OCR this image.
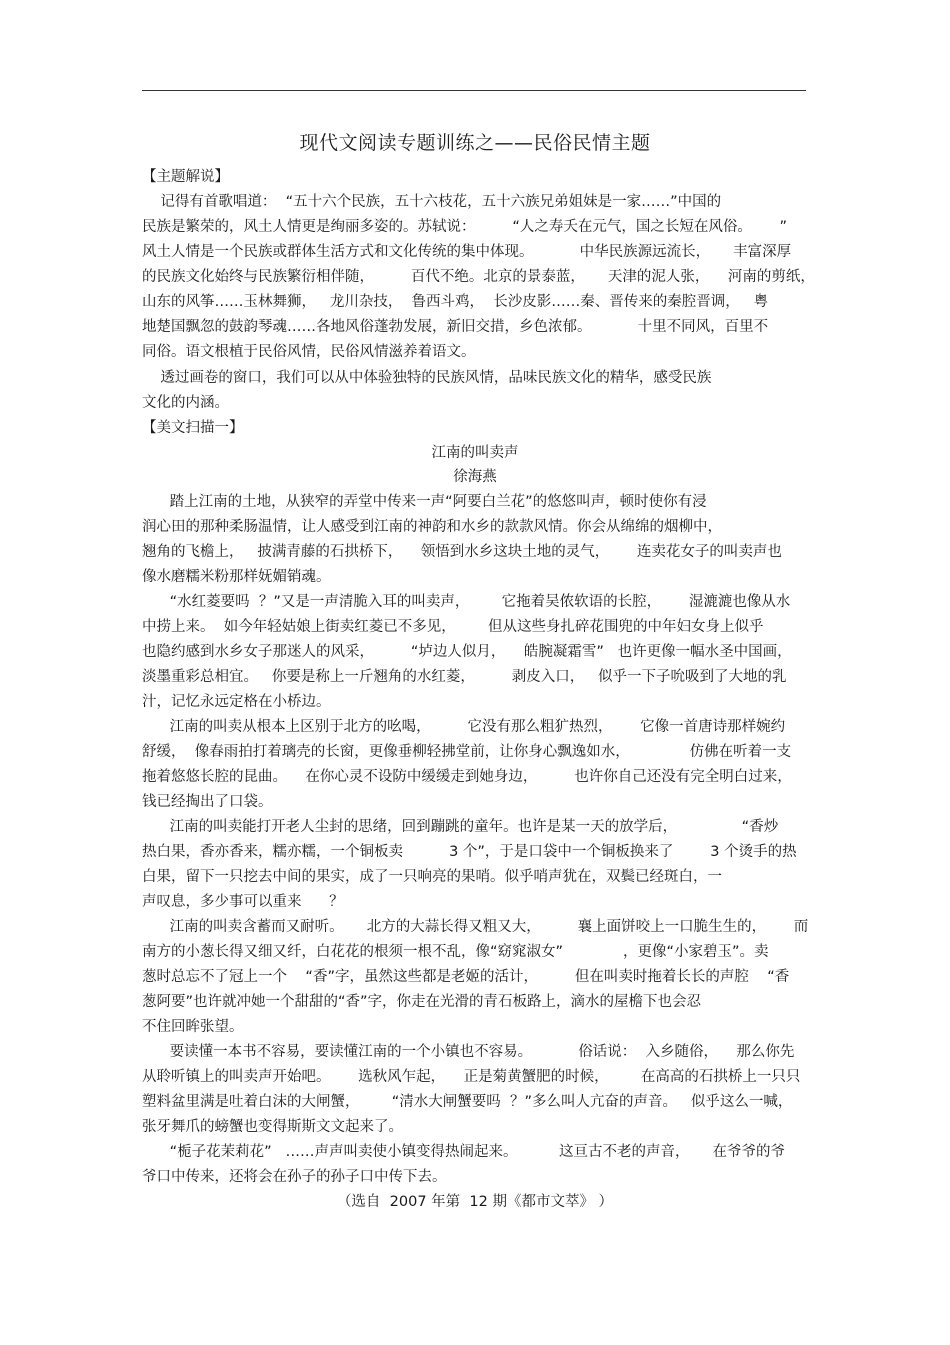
现代文阅读专题训练之——民俗民情主题
【主题解说】
记得有首歌唱道：  “五十六个民族，五十六枝花，五十六族兄弟姐妹是一家……”中国的
民族是繁荣的，风土人情更是绚丽多姿的。苏轼说：        “人之寿夭在元气，国之长短在风俗。      ”
风土人情是一个民族或群体生活方式和文化传统的集中体现。          中华民族源远流长，     丰富深厚
的民族文化始终与民族繁衍相伴随，        百代不绝。北京的景泰蓝，     天津的泥人张，    河南的剪纸，
山东的风筝……玉林舞狮，   龙川杂技，  鲁西斗鸡，  长沙皮影……秦、晋传来的秦腔晋调，   粤
地楚国飘忽的鼓韵琴魂……各地风俗蓬勃发展，新旧交措，乡色浓郁。          十里不同风，百里不
同俗。语文根植于民俗风情，民俗风情滋养着语文。
透过画卷的窗口，我们可以从中体验独特的民族风情，品味民族文化的精华，感受民族
文化的内涵。
【美文扫描一】
江南的叫卖声
徐海燕
踏上江南的土地，从狭窄的弄堂中传来一声“阿要白兰花”的悠悠叫声，顿时使你有浸
润心田的那种柔肠温情，让人感受到江南的神韵和水乡的款款风情。你会从绵绵的烟柳中，
翘角的飞檐上，   披满青藤的石拱桥下，    领悟到水乡这块土地的灵气，      连卖花女子的叫卖声也
像水磨糯米粉那样妩媚销魂。
“水红菱要吗  ？”又是一声清脆入耳的叫卖声，       它拖着吴侬软语的长腔，      湿漉漉也像从水
中捞上来。  如今年轻姑娘上街卖红菱已不多见，       但从这些身扎碎花围兜的中年妇女身上似乎
也隐约感到水乡女子那迷人的风采，        “垆边人似月，    皓腕凝霜雪”   也许更像一幅水圣中国画，
淡墨重彩总相宜。   你要是称上一斤翘角的水红菱，        剥皮入口，   似乎一下子吮吸到了大地的乳
汁，记忆永远定格在小桥边。
江南的叫卖从根本上区别于北方的吆喝，        它没有那么粗犷热烈，      它像一首唐诗那样婉约
舒缓，  像春雨拍打着璃壳的长窗，更像垂柳轻拂堂前，让你身心飘逸如水，             仿佛在听着一支
拖着悠悠长腔的昆曲。    在你心灵不设防中缓缓走到她身边，        也许你自己还没有完全明白过来，
钱已经掏出了口袋。
江南的叫卖能打开老人尘封的思绪，回到蹦跳的童年。也许是某一天的放学后，              “香炒
热白果，香亦香来，糯亦糯，一个铜板卖          3 个”，于是口袋中一个铜板换来了        3 个烫手的热
白果，留下一只挖去中间的果实，成了一只响亮的果哨。似乎哨声犹在，双鬓已经斑白，一
声叹息，多少事可以重来      ？
江南的叫卖含蓄而又耐听。     北方的大蒜长得又粗又大，        襄上面饼咬上一口脆生生的，      而
南方的小葱长得又细又纤，白花花的根须一根不乱，像“窈窕淑女”             ，更像“小家碧玉”。卖
葱时总忘不了冠上一个    “香”字，虽然这些都是老姬的活计，        但在叫卖时拖着长长的声腔    “香
葱阿要”也许就冲她一个甜甜的“香”字，你走在光滑的青石板路上，滴水的屋檐下也会忍
不住回眸张望。
要读懂一本书不容易，要读懂江南的一个小镇也不容易。          俗话说：  入乡随俗，    那么你先
从聆听镇上的叫卖声开始吧。      选秋风乍起，    正是菊黄蟹肥的时候，       在高高的石拱桥上一只只
塑料盆里满是吐着白沫的大闸蟹，       “清水大闸蟹要吗  ？”多么叫人亢奋的声音。   似乎这么一喊，
张牙舞爪的螃蟹也变得斯斯文文起来了。
“栀子花茉莉花”   ……声声叫卖使小镇变得热闹起来。         这亘古不老的声音，     在爷爷的爷
爷口中传来，还将会在孙子的孙子口中传下去。
（选自  2007 年第  12 期《都市文萃》 ）
